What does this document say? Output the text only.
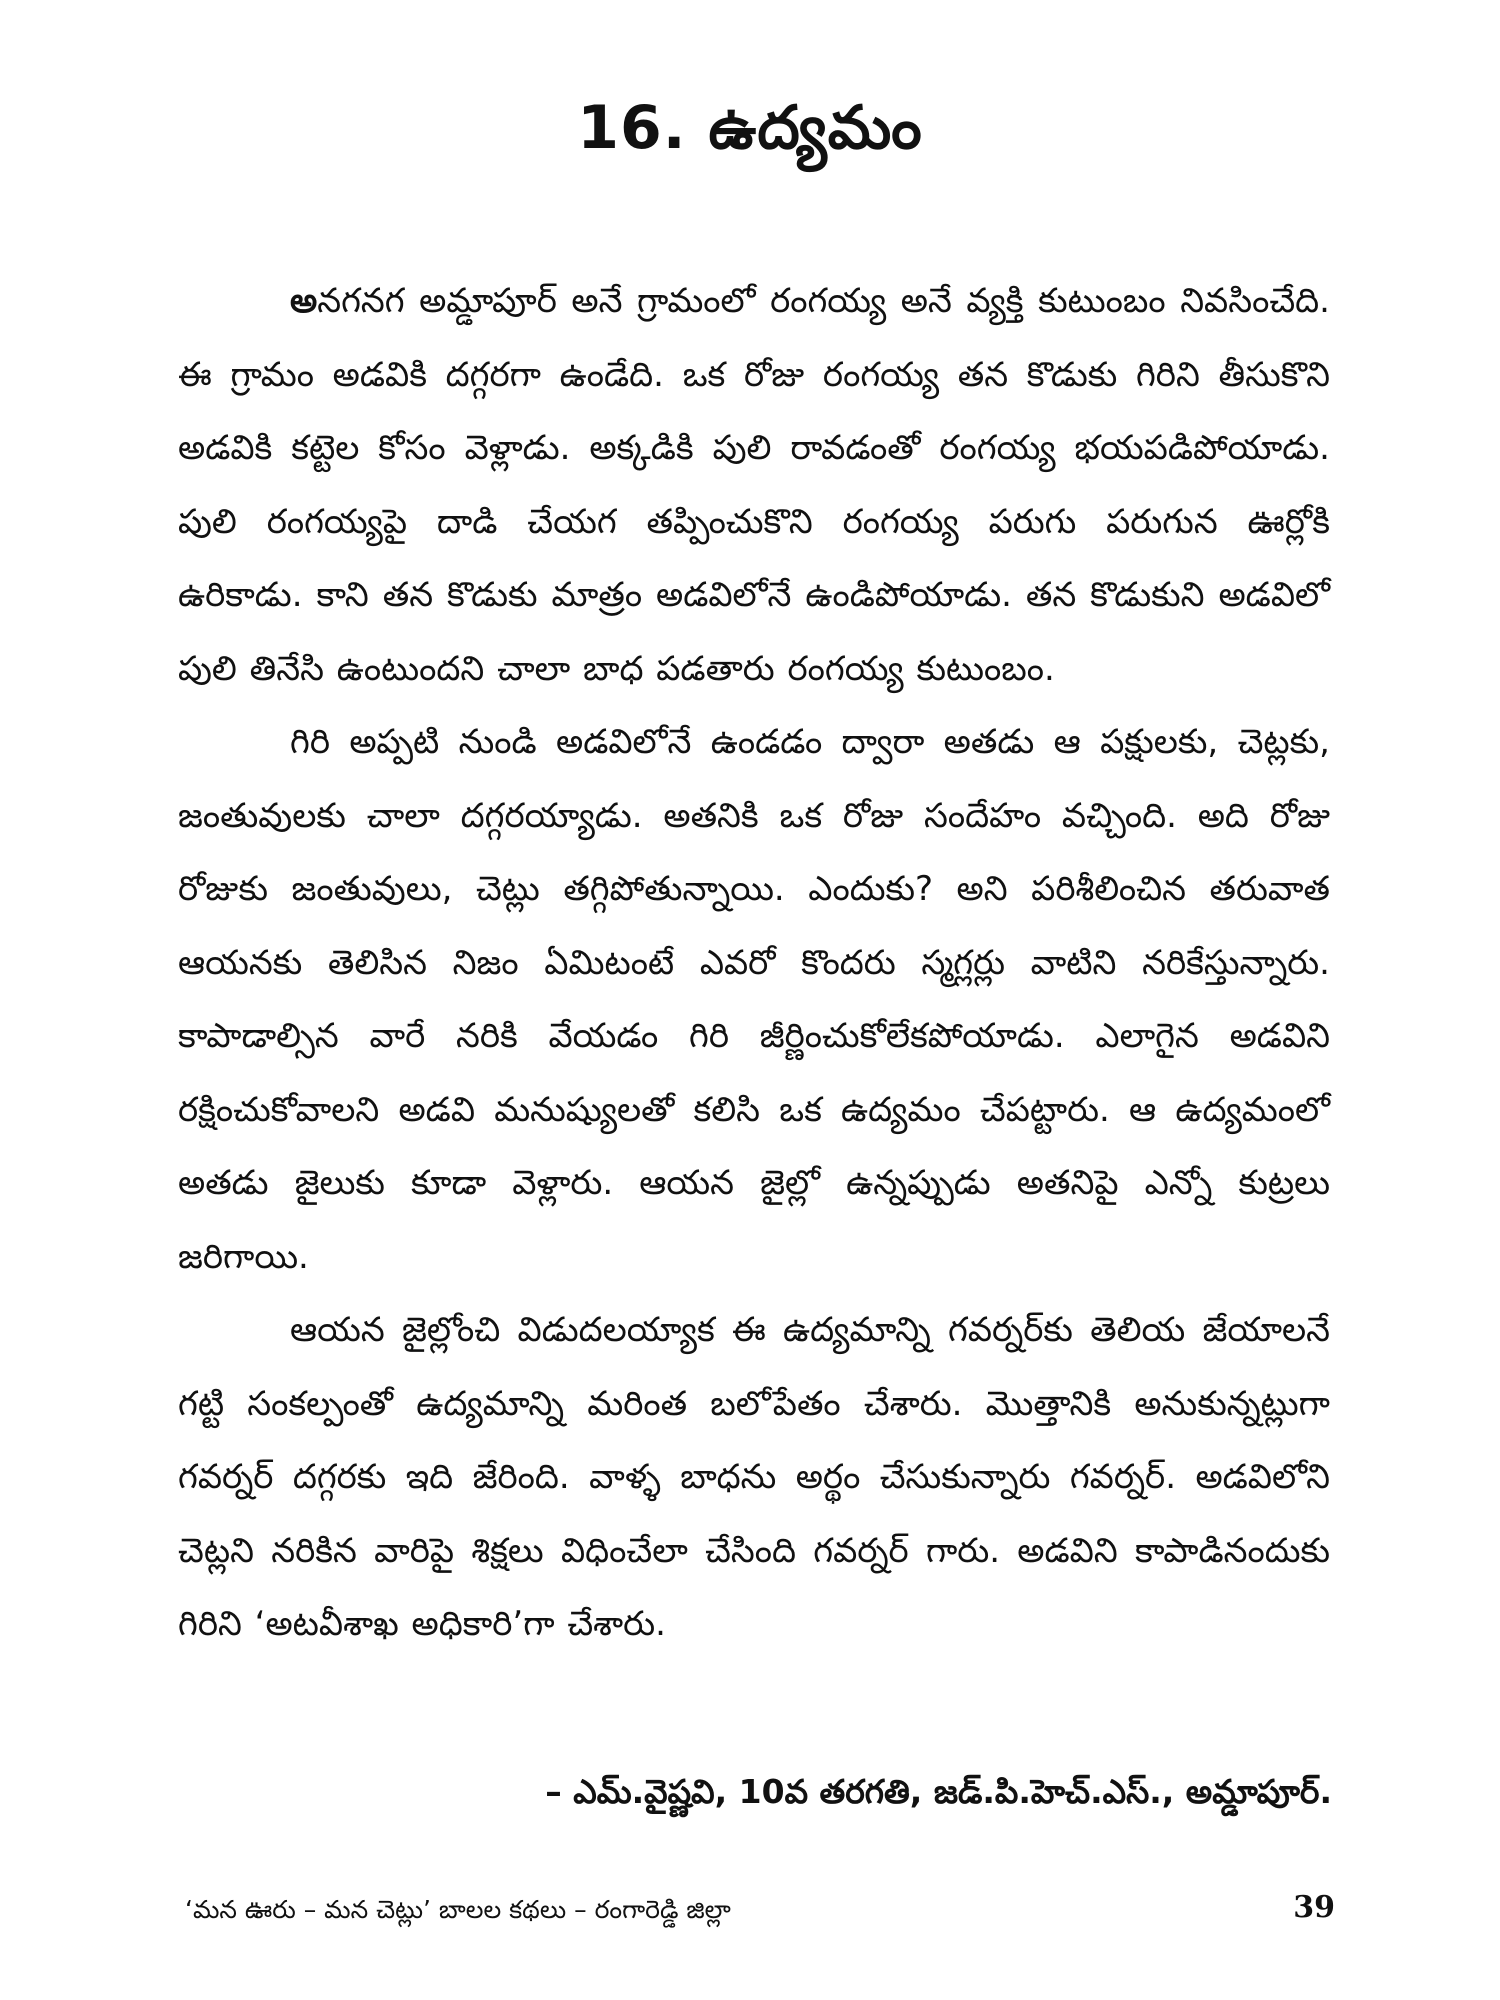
16. ఉద్యమం

అనగనగ అమ్డాపూర్ అనే గ్రామంలో రంగయ్య అనే వ్యక్తి కుటుంబం నివసించేది. ఈ గ్రామం అడవికి దగ్గరగా ఉండేది. ఒక రోజు రంగయ్య తన కొడుకు గిరిని తీసుకొని అడవికి కట్టెల కోసం వెళ్లాడు. అక్కడికి పులి రావడంతో రంగయ్య భయపడిపోయాడు. పులి రంగయ్యపై దాడి చేయగ తప్పించుకొని రంగయ్య పరుగు పరుగున ఊర్లోకి ఉరికాడు. కాని తన కొడుకు మాత్రం అడవిలోనే ఉండిపోయాడు. తన కొడుకుని అడవిలో పులి తినేసి ఉంటుందని చాలా బాధ పడతారు రంగయ్య కుటుంబం.

గిరి అప్పటి నుండి అడవిలోనే ఉండడం ద్వారా అతడు ఆ పక్షులకు, చెట్లకు, జంతువులకు చాలా దగ్గరయ్యాడు. అతనికి ఒక రోజు సందేహం వచ్చింది. అది రోజు రోజుకు జంతువులు, చెట్లు తగ్గిపోతున్నాయి. ఎందుకు? అని పరిశీలించిన తరువాత ఆయనకు తెలిసిన నిజం ఏమిటంటే ఎవరో కొందరు స్మగ్లర్లు వాటిని నరికేస్తున్నారు. కాపాడాల్సిన వారే నరికి వేయడం గిరి జీర్ణించుకోలేకపోయాడు. ఎలాగైన అడవిని రక్షించుకోవాలని అడవి మనుష్యులతో కలిసి ఒక ఉద్యమం చేపట్టారు. ఆ ఉద్యమంలో అతడు జైలుకు కూడా వెళ్లారు. ఆయన జైల్లో ఉన్నప్పుడు అతనిపై ఎన్నో కుట్రలు జరిగాయి.

ఆయన జైల్లోంచి విడుదలయ్యాక ఈ ఉద్యమాన్ని గవర్నర్‌కు తెలియ జేయాలనే గట్టి సంకల్పంతో ఉద్యమాన్ని మరింత బలోపేతం చేశారు. మొత్తానికి అనుకున్నట్లుగా గవర్నర్ దగ్గరకు ఇది జేరింది. వాళ్ళ బాధను అర్థం చేసుకున్నారు గవర్నర్. అడవిలోని చెట్లని నరికిన వారిపై శిక్షలు విధించేలా చేసింది గవర్నర్ గారు. అడవిని కాపాడినందుకు గిరిని ‘అటవీశాఖ అధికారి’గా చేశారు.

– ఎమ్.వైష్ణవి, 10వ తరగతి, జడ్.పి.హెచ్.ఎస్., అమ్డాపూర్.
‘మన ఊరు – మన చెట్లు’ బాలల కథలు – రంగారెడ్డి జిల్లా	39
